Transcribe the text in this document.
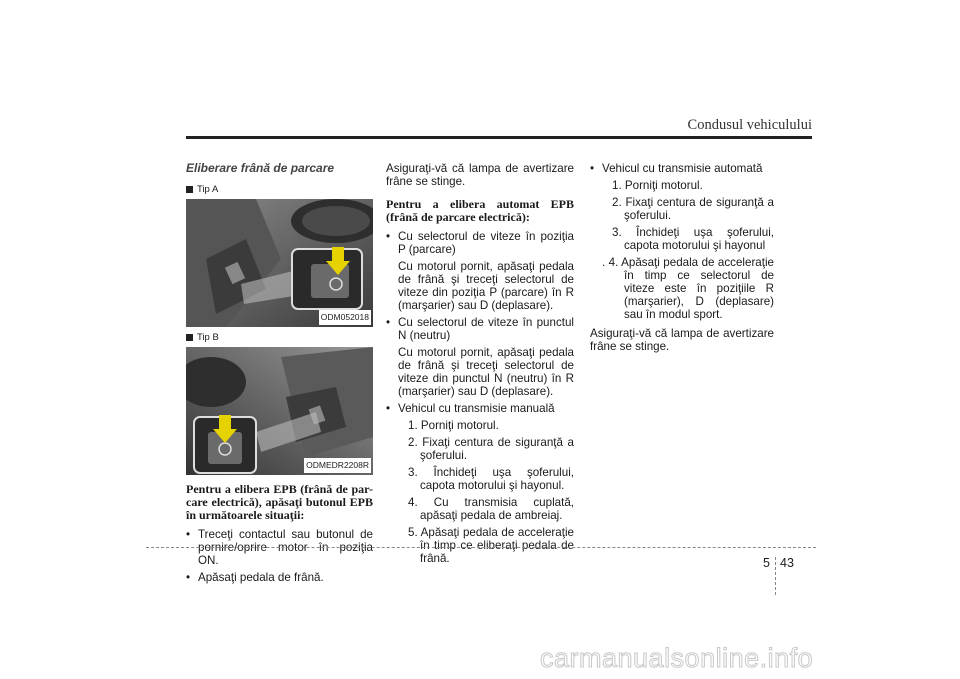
Condusul vehiculului
Eliberare frână de parcare
Tip A
ODM052018
Tip B
ODMEDR2208R

Pentru a elibera EPB (frână de par- care electrică), apăsaţi butonul EPB în următoarele situaţii:

• Treceţi contactul sau butonul de pornire/oprire motor în poziţia ON.
• Apăsaţi pedala de frână.

Asiguraţi-vă că lampa de avertizare frâne se stinge.

Pentru a elibera automat EPB (frână de parcare electrică):

• Cu selectorul de viteze în poziţia P (parcare)
Cu motorul pornit, apăsaţi pedala de frână şi treceţi selectorul de viteze din poziţia P (parcare) în R (marşarier) sau D (deplasare).
• Cu selectorul de viteze în punctul N (neutru)
Cu motorul pornit, apăsaţi pedala de frână şi treceţi selectorul de viteze din punctul N (neutru) în R (marşarier) sau D (deplasare).
• Vehicul cu transmisie manuală
1. Porniţi motorul.
2. Fixaţi centura de siguranţă a şoferului.
3. Închideţi uşa şoferului, capota motorului şi hayonul.
4. Cu transmisia cuplată, apăsaţi pedala de ambreiaj.
5. Apăsaţi pedala de acceleraţie în timp ce eliberaţi pedala de frână.
• Vehicul cu transmisie automată
1. Porniţi motorul.
2. Fixaţi centura de siguranţă a şoferului.
3. Închideţi uşa şoferului, capota motorului şi hayonul
. 4. Apăsaţi pedala de acceleraţie în timp ce selectorul de viteze este în poziţiile R (marşarier), D (deplasare) sau în modul sport.

Asiguraţi-vă că lampa de avertizare frâne se stinge.

5 43
carmanualsonline.info
